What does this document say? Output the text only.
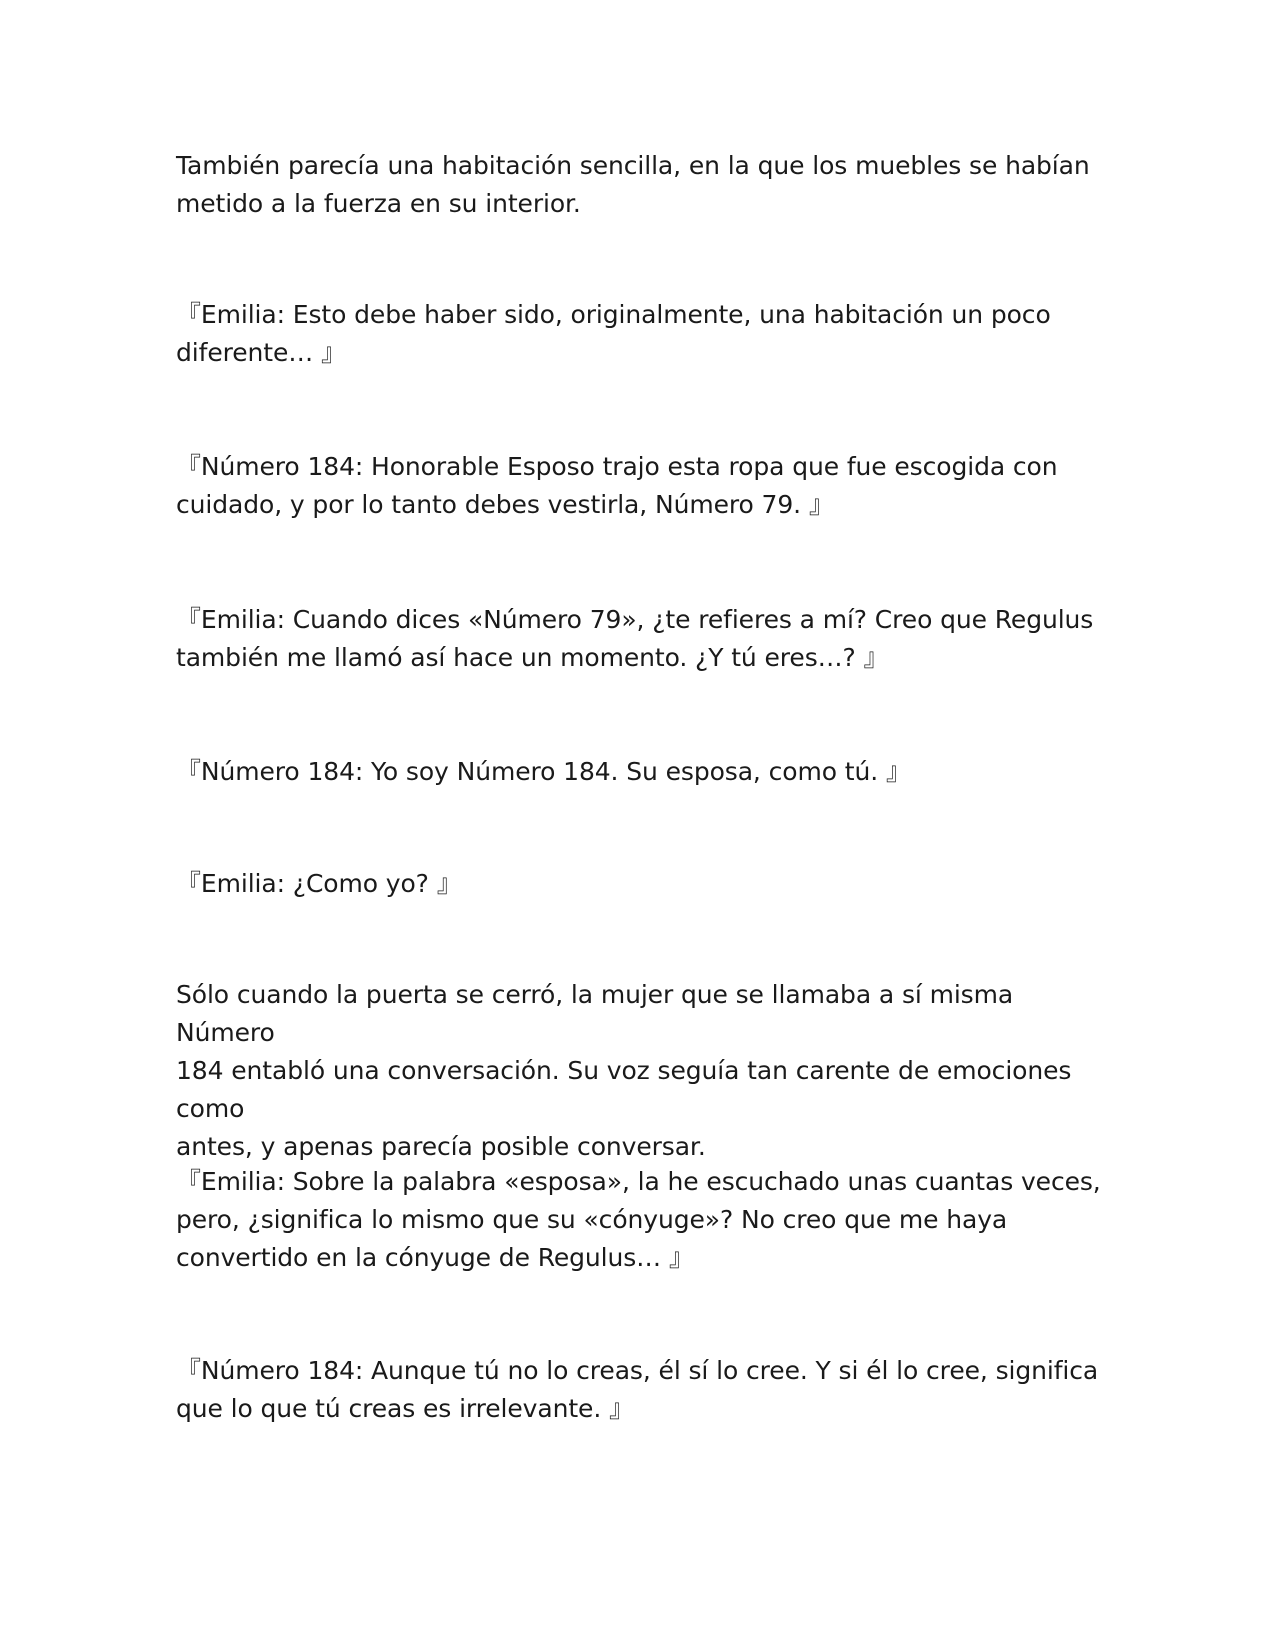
También parecía una habitación sencilla, en la que los muebles se habían
metido a la fuerza en su interior.

『Emilia: Esto debe haber sido, originalmente, una habitación un poco
diferente… 』

『Número 184: Honorable Esposo trajo esta ropa que fue escogida con
cuidado, y por lo tanto debes vestirla, Número 79. 』

『Emilia: Cuando dices «Número 79», ¿te refieres a mí? Creo que Regulus
también me llamó así hace un momento. ¿Y tú eres…? 』

『Número 184: Yo soy Número 184. Su esposa, como tú. 』

『Emilia: ¿Como yo? 』

Sólo cuando la puerta se cerró, la mujer que se llamaba a sí misma Número
184 entabló una conversación. Su voz seguía tan carente de emociones como
antes, y apenas parecía posible conversar.

『Emilia: Sobre la palabra «esposa», la he escuchado unas cuantas veces,
pero, ¿significa lo mismo que su «cónyuge»? No creo que me haya
convertido en la cónyuge de Regulus… 』

『Número 184: Aunque tú no lo creas, él sí lo cree. Y si él lo cree, significa
que lo que tú creas es irrelevante. 』
